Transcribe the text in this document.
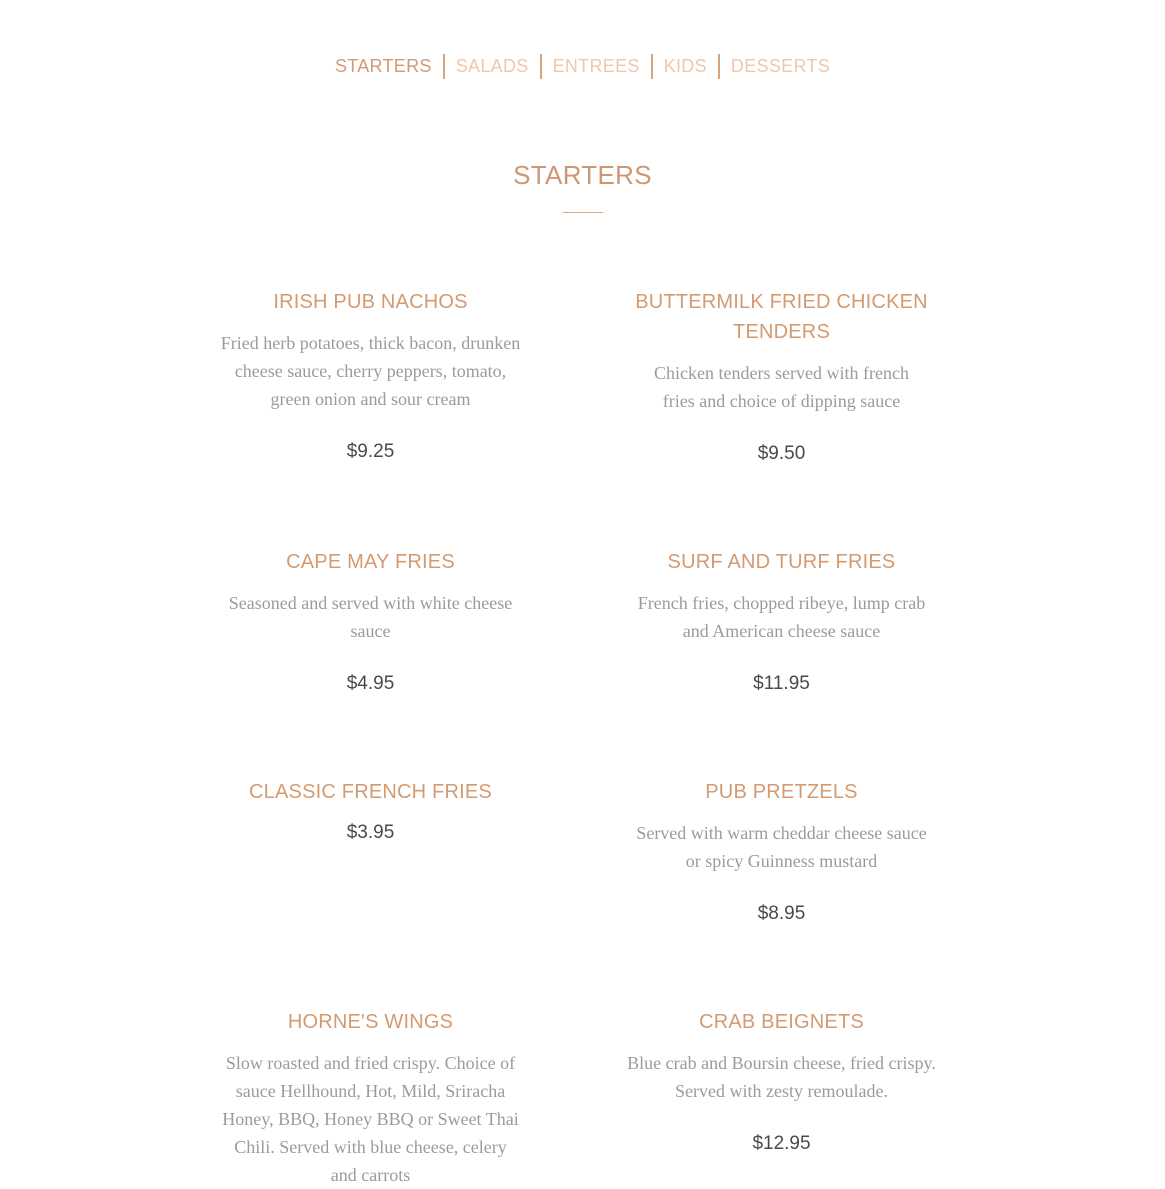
STARTERS	SALADS	ENTREES	KIDS	DESSERTS
STARTERS
IRISH PUB NACHOS
Fried herb potatoes, thick bacon, drunken cheese sauce, cherry peppers, tomato, green onion and sour cream
$9.25
CAPE MAY FRIES
Seasoned and served with white cheese sauce
$4.95
CLASSIC FRENCH FRIES
$3.95
HORNE'S WINGS
Slow roasted and fried crispy. Choice of sauce Hellhound, Hot, Mild, Sriracha Honey, BBQ, Honey BBQ or Sweet Thai Chili. Served with blue cheese, celery and carrots
BUTTERMILK FRIED CHICKEN TENDERS
Chicken tenders served with french fries and choice of dipping sauce
$9.50
SURF AND TURF FRIES
French fries, chopped ribeye, lump crab and American cheese sauce
$11.95
PUB PRETZELS
Served with warm cheddar cheese sauce or spicy Guinness mustard
$8.95
CRAB BEIGNETS
Blue crab and Boursin cheese, fried crispy. Served with zesty remoulade.
$12.95
